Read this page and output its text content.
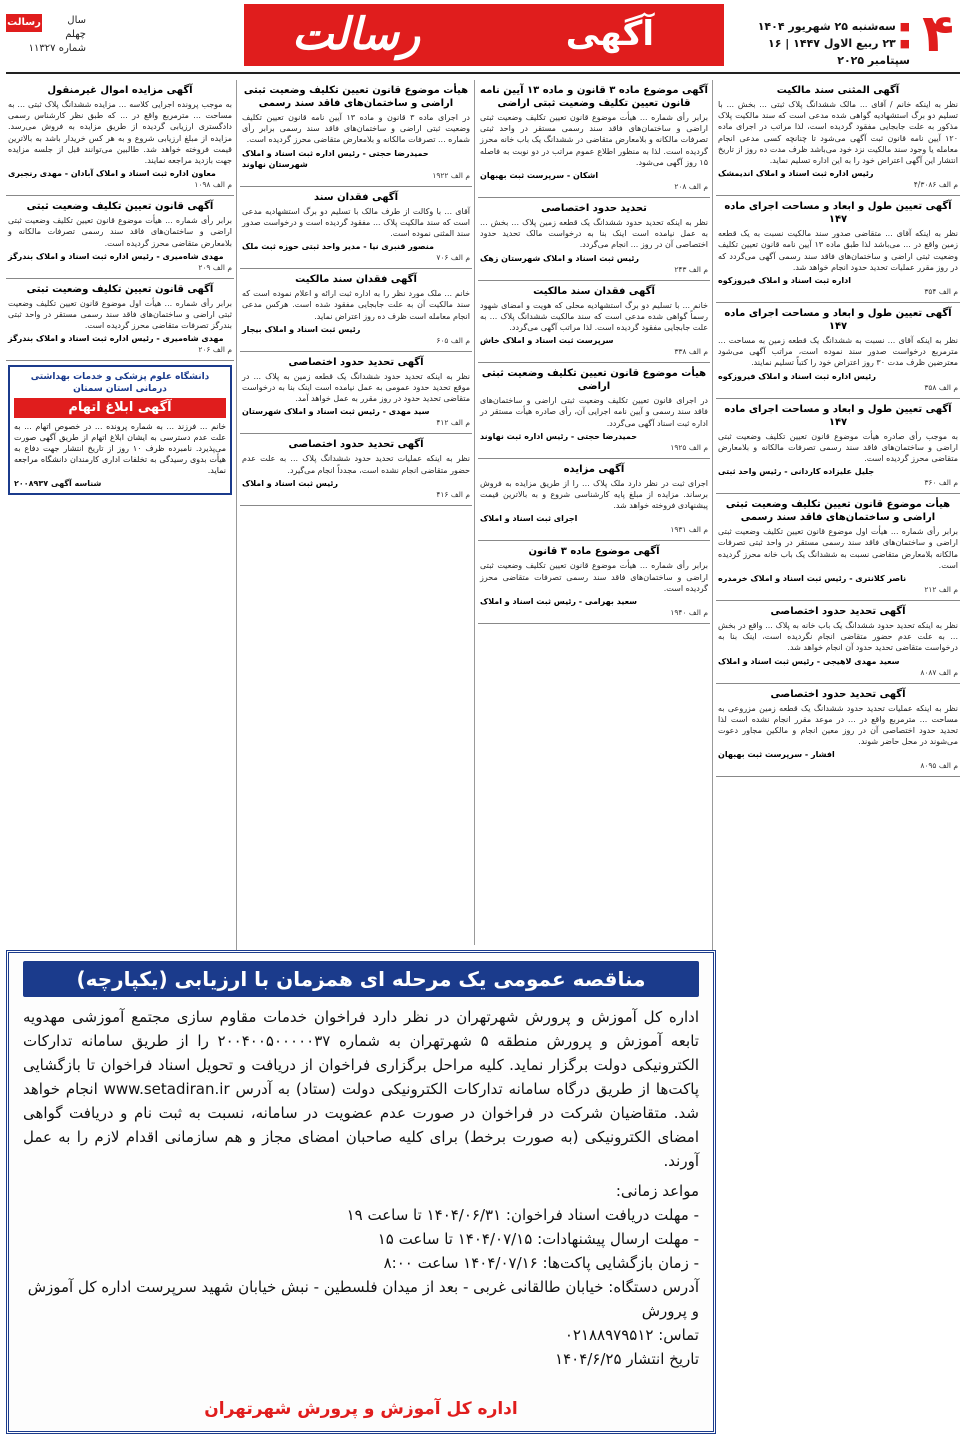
۴
■ سه‌شنبه ۲۵ شهریور ۱۴۰۴
■ ۲۳ ربیع الاول ۱۴۴۷ | ۱۶ سپتامبر ۲۰۲۵
آگهی
رسالت
رسالت	سال چهلم
شماره ۱۱۳۲۷
آگهی المثنی سند مالکیت

نظر به اینکه خانم / آقای ... مالک ششدانگ پلاک ثبتی ... بخش ... با تسلیم دو برگ استشهادیه گواهی شده مدعی است که سند مالکیت پلاک مذکور به علت جابجایی مفقود گردیده است، لذا مراتب در اجرای ماده ۱۲۰ آیین نامه قانون ثبت آگهی می‌شود تا چنانچه کسی مدعی انجام معامله یا وجود سند مالکیت نزد خود می‌باشد ظرف مدت ده روز از تاریخ انتشار این آگهی اعتراض خود را به این اداره تسلیم نماید.

رئیس اداره ثبت اسناد و املاک اندیمشک
م الف ۴/۳۰۸۶
آگهی تعیین طول و ابعاد و مساحت اجرای ماده ۱۴۷

نظر به اینکه آقای ... متقاضی صدور سند مالکیت نسبت به یک قطعه زمین واقع در ... می‌باشد لذا طبق ماده ۱۳ آیین نامه قانون تعیین تکلیف وضعیت ثبتی اراضی و ساختمان‌های فاقد سند رسمی آگهی می‌گردد که در روز مقرر عملیات تحدید حدود انجام خواهد شد.

اداره ثبت اسناد و املاک فیروزکوه
م الف ۳۵۴
آگهی تعیین طول و ابعاد و مساحت اجرای ماده ۱۴۷

نظر به اینکه آقای ... نسبت به ششدانگ یک قطعه زمین به مساحت ... مترمربع درخواست صدور سند نموده است، مراتب آگهی می‌شود معترضین ظرف مدت ۳۰ روز اعتراض خود را کتباً تسلیم نمایند.

رئیس اداره ثبت اسناد و املاک فیروزکوه
م الف ۳۵۸
آگهی تعیین طول و ابعاد و مساحت اجرای ماده ۱۴۷

به موجب رأی صادره هیأت موضوع قانون تعیین تکلیف وضعیت ثبتی اراضی و ساختمان‌های فاقد سند رسمی تصرفات مالکانه و بلامعارض متقاضی محرز گردیده است.

جلیل علیزاده کاردانی - رئیس واحد ثبتی
م الف ۳۶۰
هیأت موضوع قانون تعیین تکلیف وضعیت ثبتی اراضی و ساختمان‌های فاقد سند رسمی

برابر رأی شماره ... هیأت اول موضوع قانون تعیین تکلیف وضعیت ثبتی اراضی و ساختمان‌های فاقد سند رسمی مستقر در واحد ثبتی تصرفات مالکانه بلامعارض متقاضی نسبت به ششدانگ یک باب خانه محرز گردیده است.

ناصر کلانتری - رئیس ثبت اسناد و املاک خرمدره
م الف ۲۱۲
آگهی تحدید حدود اختصاصی

نظر به اینکه تحدید حدود ششدانگ یک باب خانه به پلاک ... واقع در بخش ... به علت عدم حضور متقاضی انجام نگردیده است، اینک بنا به درخواست متقاضی تحدید حدود آن انجام خواهد شد.

سعید مهدی لاهیجی - رئیس ثبت اسناد و املاک
م الف ۸۰۸۷
آگهی تحدید حدود اختصاصی

نظر به اینکه عملیات تحدید حدود ششدانگ یک قطعه زمین مزروعی به مساحت ... مترمربع واقع در ... در موعد مقرر انجام نشده است لذا تحدید حدود اختصاصی آن در روز معین انجام و مالکین مجاور دعوت می‌شوند در محل حاضر شوند.

افشار - سرپرست ثبت بهبهان
م الف ۸۰۹۵
آگهی موضوع ماده ۳ قانون و ماده ۱۳ آیین نامه قانون تعیین تکلیف وضعیت ثبتی اراضی

برابر رأی شماره ... هیأت موضوع قانون تعیین تکلیف وضعیت ثبتی اراضی و ساختمان‌های فاقد سند رسمی مستقر در واحد ثبتی تصرفات مالکانه و بلامعارض متقاضی در ششدانگ یک باب خانه محرز گردیده است. لذا به منظور اطلاع عموم مراتب در دو نوبت به فاصله ۱۵ روز آگهی می‌شود.

اشکان - سرپرست ثبت بهبهان
م الف ۲۰۸
تحدید حدود اختصاصی

نظر به اینکه تحدید حدود ششدانگ یک قطعه زمین پلاک ... بخش ... به عمل نیامده است اینک بنا به درخواست مالک تحدید حدود اختصاصی آن در روز ... انجام می‌گردد.

رئیس ثبت اسناد و املاک شهرستان زهک
م الف ۲۴۳
آگهی فقدان سند مالکیت

خانم ... با تسلیم دو برگ استشهادیه محلی که هویت و امضای شهود رسماً گواهی شده مدعی است که سند مالکیت ششدانگ پلاک ... به علت جابجایی مفقود گردیده است. لذا مراتب آگهی می‌گردد.

سرپرست ثبت اسناد و املاک خاش
م الف ۳۳۸
هیأت موضوع قانون تعیین تکلیف وضعیت ثبتی اراضی

در اجرای قانون تعیین تکلیف وضعیت ثبتی اراضی و ساختمان‌های فاقد سند رسمی و آیین نامه اجرایی آن، رأی صادره هیأت مستقر در اداره ثبت اسناد آگهی می‌گردد.

حمیدرضا حجتی - رئیس اداره ثبت نهاوند
م الف ۱۹۲۵
آگهی مزایده

اجرای ثبت در نظر دارد ملک پلاک ... را از طریق مزایده به فروش برساند. مزایده از مبلغ پایه کارشناسی شروع و به بالاترین قیمت پیشنهادی فروخته خواهد شد.

اجرای ثبت اسناد و املاک
م الف ۱۹۳۱
آگهی موضوع ماده ۳ قانون

برابر رأی شماره ... هیأت موضوع قانون تعیین تکلیف وضعیت ثبتی اراضی و ساختمان‌های فاقد سند رسمی تصرفات متقاضی محرز گردیده است.

سعید بهرامی - رئیس ثبت اسناد و املاک
م الف ۱۹۴۰
هیأت موضوع قانون تعیین تکلیف وضعیت ثبتی اراضی و ساختمان‌های فاقد سند رسمی

در اجرای ماده ۳ قانون و ماده ۱۳ آیین نامه قانون تعیین تکلیف وضعیت ثبتی اراضی و ساختمان‌های فاقد سند رسمی برابر رأی شماره ... تصرفات مالکانه و بلامعارض متقاضی محرز گردیده است.

حمیدرضا حجتی - رئیس اداره ثبت اسناد و املاک شهرستان نهاوند
م الف ۱۹۲۲
آگهی فقدان سند

آقای ... با وکالت از طرف مالک با تسلیم دو برگ استشهادیه مدعی است که سند مالکیت پلاک ... مفقود گردیده است و درخواست صدور سند المثنی نموده است.

منصور قنبری نیا - مدیر واحد ثبتی حوزه ثبت ملک
م الف ۷۰۶
آگهی فقدان سند مالکیت

خانم ... ملک مورد نظر را به اداره ثبت ارائه و اعلام نموده است که سند مالکیت آن به علت جابجایی مفقود شده است. هرکس مدعی انجام معامله است ظرف ده روز اعتراض نماید.

رئیس ثبت اسناد و املاک بیجار
م الف ۶۰۵
آگهی تحدید حدود اختصاصی

نظر به اینکه تحدید حدود ششدانگ یک قطعه زمین به پلاک ... در موقع تحدید حدود عمومی به عمل نیامده است اینک بنا به درخواست متقاضی تحدید حدود در روز مقرر به عمل خواهد آمد.

سید مهدی - رئیس ثبت اسناد و املاک شهرستان
م الف ۴۱۲
آگهی تحدید حدود اختصاصی

نظر به اینکه عملیات تحدید حدود ششدانگ پلاک ... به علت عدم حضور متقاضی انجام نشده است، مجدداً انجام می‌گیرد.

رئیس ثبت اسناد و املاک
م الف ۴۱۶
آگهی مزایده اموال غیرمنقول

به موجب پرونده اجرایی کلاسه ... مزایده ششدانگ پلاک ثبتی ... به مساحت ... مترمربع واقع در ... که طبق نظر کارشناس رسمی دادگستری ارزیابی گردیده از طریق مزایده به فروش می‌رسد. مزایده از مبلغ ارزیابی شروع و به هر کس خریدار باشد به بالاترین قیمت فروخته خواهد شد. طالبین می‌توانند قبل از جلسه مزایده جهت بازدید مراجعه نمایند.

معاون اداره ثبت اسناد و املاک آبادان - مهدی رنجبری
م الف ۱۰۹۸
آگهی قانون تعیین تکلیف وضعیت ثبتی

برابر رأی شماره ... هیأت موضوع قانون تعیین تکلیف وضعیت ثبتی اراضی و ساختمان‌های فاقد سند رسمی تصرفات مالکانه و بلامعارض متقاضی محرز گردیده است.

مهدی شاه‌میری - رئیس اداره ثبت اسناد و املاک بندرگز
م الف ۲۰۹
آگهی قانون تعیین تکلیف وضعیت ثبتی

برابر رأی شماره ... هیأت اول موضوع قانون تعیین تکلیف وضعیت ثبتی اراضی و ساختمان‌های فاقد سند رسمی مستقر در واحد ثبتی بندرگز تصرفات متقاضی محرز گردیده است.

مهدی شاه‌میری - رئیس اداره ثبت اسناد و املاک بندرگز
م الف ۲۰۶
دانشگاه علوم پزشکی و خدمات بهداشتی درمانی استان سمنان
آگهی ابلاغ اتهام

خانم ... فرزند ... به شماره پرونده ... در خصوص اتهام ... به علت عدم دسترسی به ایشان ابلاغ اتهام از طریق آگهی صورت می‌پذیرد. نامبرده ظرف ۱۰ روز از تاریخ انتشار جهت دفاع به هیأت بدوی رسیدگی به تخلفات اداری کارمندان دانشگاه مراجعه نماید.

شناسه آگهی ۲۰۰۸۹۳۷
مناقصه عمومی یک مرحله ای همزمان با ارزیابی (یکپارچه)
اداره کل آموزش و پرورش شهرتهران در نظر دارد فراخوان خدمات مقاوم سازی مجتمع آموزشی مهدویه تابعه آموزش و پرورش منطقه ۵ شهرتهران به شماره ۲۰۰۴۰۰۵۰۰۰۰۰۳۷ را از طریق سامانه تدارکات الکترونیکی دولت برگزار نماید. کلیه مراحل برگزاری فراخوان از دریافت و تحویل اسناد فراخوان تا بازگشایی پاکت‌ها از طریق درگاه سامانه تدارکات الکترونیکی دولت (ستاد) به آدرس www.setadiran.ir انجام خواهد شد. متقاضیان شرکت در فراخوان در صورت عدم عضویت در سامانه، نسبت به ثبت نام و دریافت گواهی امضای الکترونیکی (به صورت برخط) برای کلیه صاحبان امضای مجاز و هم سازمانی اقدام لازم را به عمل آورند.
مواعد زمانی:
- مهلت دریافت اسناد فراخوان: ۱۴۰۴/۰۶/۳۱ تا ساعت ۱۹
- مهلت ارسال پیشنهادات: ۱۴۰۴/۰۷/۱۵ تا ساعت ۱۵
- زمان بازگشایی پاکت‌ها: ۱۴۰۴/۰۷/۱۶ ساعت ۸:۰۰
آدرس دستگاه: خیابان طالقانی غربی - بعد از میدان فلسطین - نبش خیابان شهید سرپرست اداره کل آموزش و پرورش
تماس: ۰۲۱۸۸۹۷۹۵۱۲
تاریخ انتشار ۱۴۰۴/۶/۲۵
اداره کل آموزش و پرورش شهرتهران
